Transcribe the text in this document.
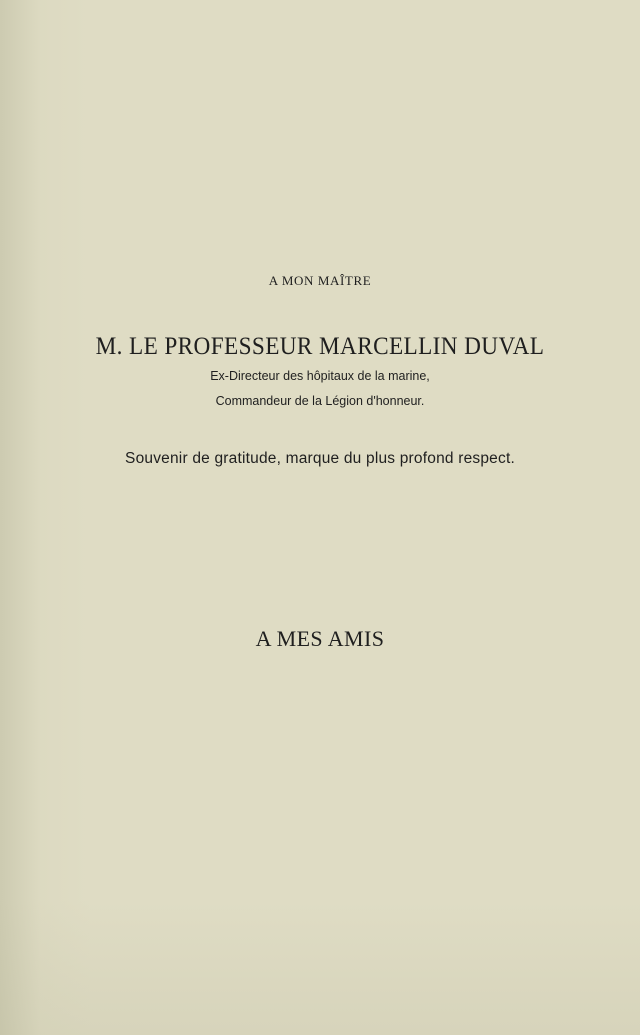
A MON MAÎTRE
M. LE PROFESSEUR MARCELLIN DUVAL
Ex-Directeur des hôpitaux de la marine,
Commandeur de la Légion d'honneur.
Souvenir de gratitude, marque du plus profond respect.
A MES AMIS
